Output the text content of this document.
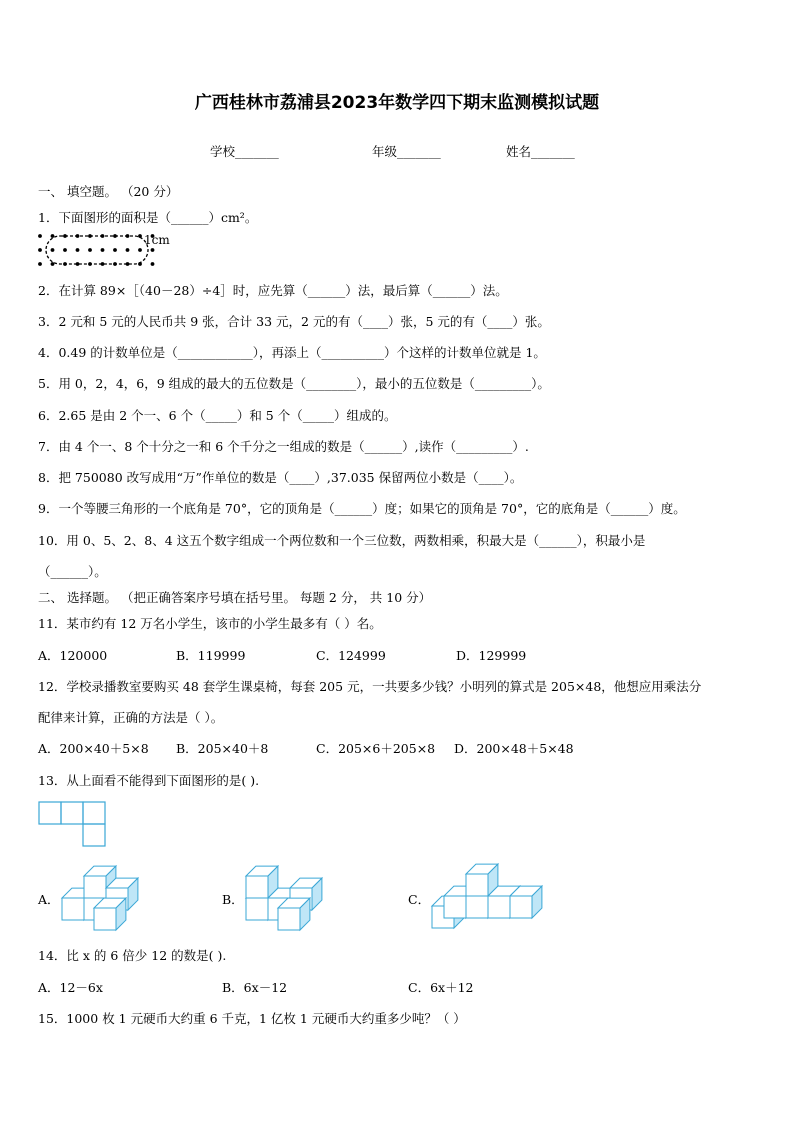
广西桂林市荔浦县2023年数学四下期末监测模拟试题
学校_______	年级_______	姓名_______
一、 填空题。 （20 分）
1．下面图形的面积是（______）cm²。
1cm
2．在计算 89×［（40－28）÷4］时，应先算（______）法，最后算（______）法。
3．2 元和 5 元的人民币共 9 张，合计 33 元，2 元的有（____）张，5 元的有（____）张。
4．0.49 的计数单位是（____________），再添上（__________）个这样的计数单位就是 1。
5．用 0，2，4，6，9 组成的最大的五位数是（________），最小的五位数是（_________）。
6．2.65 是由 2 个一、6 个（_____）和 5 个（_____）组成的。
7．由 4 个一、8 个十分之一和 6 个千分之一组成的数是（______）,读作（_________）.
8．把 750080 改写成用“万”作单位的数是（____）,37.035 保留两位小数是（____）。
9．一个等腰三角形的一个底角是 70°，它的顶角是（______）度；如果它的顶角是 70°，它的底角是（______）度。
10．用 0、5、2、8、4 这五个数字组成一个两位数和一个三位数，两数相乘，积最大是（______），积最小是
（______）。
二、 选择题。 （把正确答案序号填在括号里。 每题 2 分， 共 10 分）
11．某市约有 12 万名小学生，该市的小学生最多有（ ）名。
A．120000	B．119999	C．124999	D．129999
12．学校录播教室要购买 48 套学生课桌椅，每套 205 元，一共要多少钱？小明列的算式是 205×48，他想应用乘法分
配律来计算，正确的方法是（ ）。
A．200×40＋5×8 B．205×40＋8	C．205×6＋205×8 D．200×48＋5×48
13．从上面看不能得到下面图形的是( ).
A．	B．	C．
14．比 x 的 6 倍少 12 的数是( ).
A．12－6x	B．6x－12	C．6x＋12
15．1000 枚 1 元硬币大约重 6 千克，1 亿枚 1 元硬币大约重多少吨？（ ）
